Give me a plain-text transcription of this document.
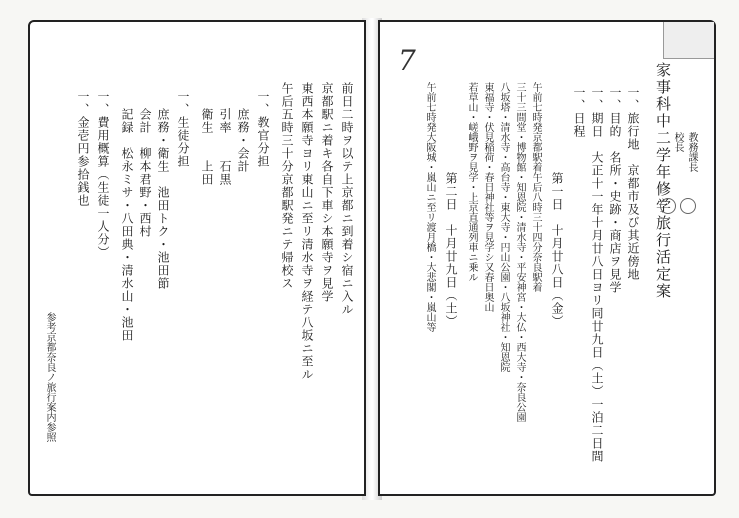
前日二時ヲ以テ上京都ニ到着シ宿ニ入ル
京都駅ニ着キ各自下車シ本願寺ヲ見学
東西本願寺ヨリ東山ニ至リ清水寺ヲ経テ八坂ニ至ル
午后五時三十分京都駅発ニテ帰校ス
一、教官分担
庶務・会計
引率　　石黒
衛生　　上田
一、生徒分担
庶務・衛生　池田トク・池田節
会計　柳本君野・西村
記録　松永ミサ・八田典・清水山・池田
一、費用概算（生徒一人分）
一、金壱円参拾銭也
参考京都奈良ノ旅行案内参照
7
家事科中二学年修学旅行活定案
一、旅行地　京都市及び其近傍地
一、目的　名所・史跡・商店ヲ見学
一、期日　大正十一年十月廿八日ヨリ同廿九日（土）一泊二日間
一、日程
第一日　十月廿八日（金）
午前七時発京都駅着午后八時三十四分奈良駅着
三十三間堂・博物館・知恩院・清水寺・平安神宮・大仏・西大寺・奈良公園
八坂塔・清水寺・高台寺・東大寺・円山公園・八坂神社・知恩院
東福寺・伏見稲荷・春日神社等ヲ見学シ又春日奥山
若草山・嵯峨野ヲ見学・上京直通列車ニ乗ル
第二日　十月廿九日（土）
午前七時発大阪城・嵐山ニ至リ渡月橋・大悲閣・嵐山等	教務課長
校長
